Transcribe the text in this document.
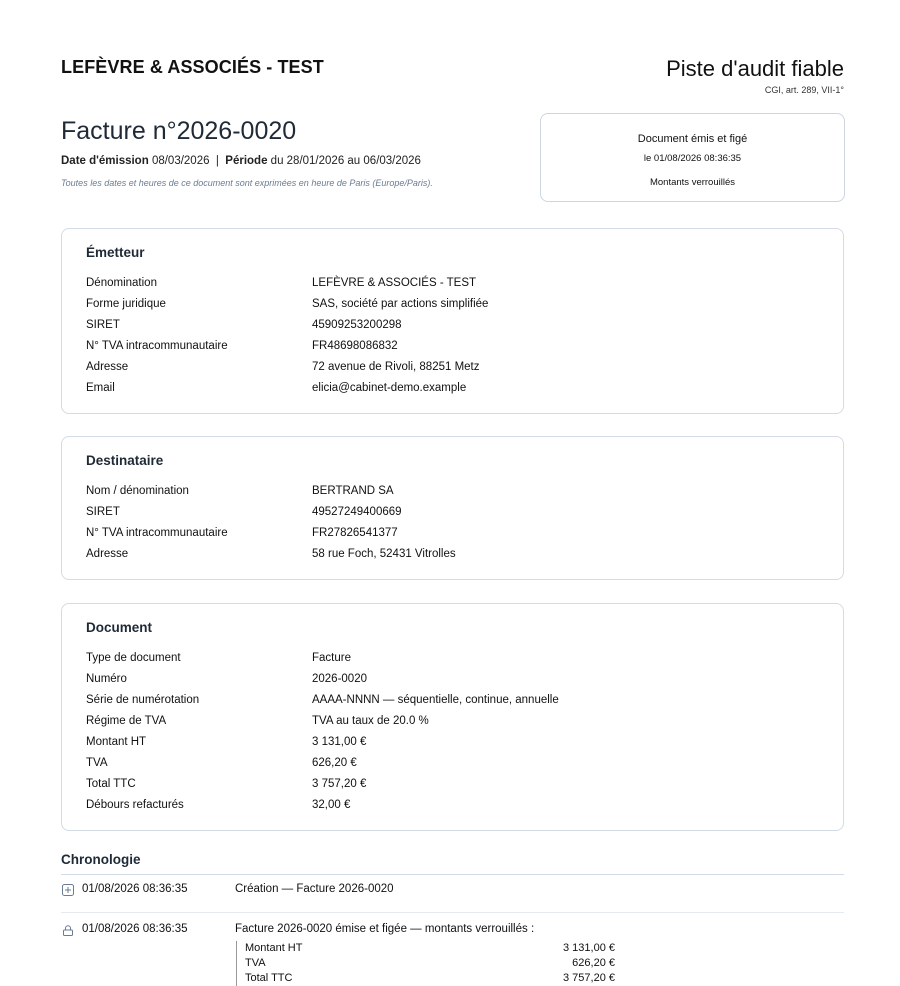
LEFÈVRE & ASSOCIÉS - TEST	Piste d'audit fiable
CGI, art. 289, VII-1°
Facture n°2026-0020
Date d'émission 08/03/2026 | Période du 28/01/2026 au 06/03/2026
Toutes les dates et heures de ce document sont exprimées en heure de Paris (Europe/Paris).
Document émis et figé
le 01/08/2026 08:36:35
Montants verrouillés
Émetteur
Dénomination	LEFÈVRE & ASSOCIÉS - TEST
Forme juridique	SAS, société par actions simplifiée
SIRET	45909253200298
N° TVA intracommunautaire	FR48698086832
Adresse	72 avenue de Rivoli, 88251 Metz
Email	elicia@cabinet-demo.example
Destinataire
Nom / dénomination	BERTRAND SA
SIRET	49527249400669
N° TVA intracommunautaire	FR27826541377
Adresse	58 rue Foch, 52431 Vitrolles
Document
Type de document	Facture
Numéro	2026-0020
Série de numérotation	AAAA-NNNN — séquentielle, continue, annuelle
Régime de TVA	TVA au taux de 20.0 %
Montant HT	3 131,00 €
TVA	626,20 €
Total TTC	3 757,20 €
Débours refacturés	32,00 €
Chronologie
01/08/2026 08:36:35	Création — Facture 2026-0020
01/08/2026 08:36:35	Facture 2026-0020 émise et figée — montants verrouillés :
Montant HT	3 131,00 €
TVA	626,20 €
Total TTC	3 757,20 €
